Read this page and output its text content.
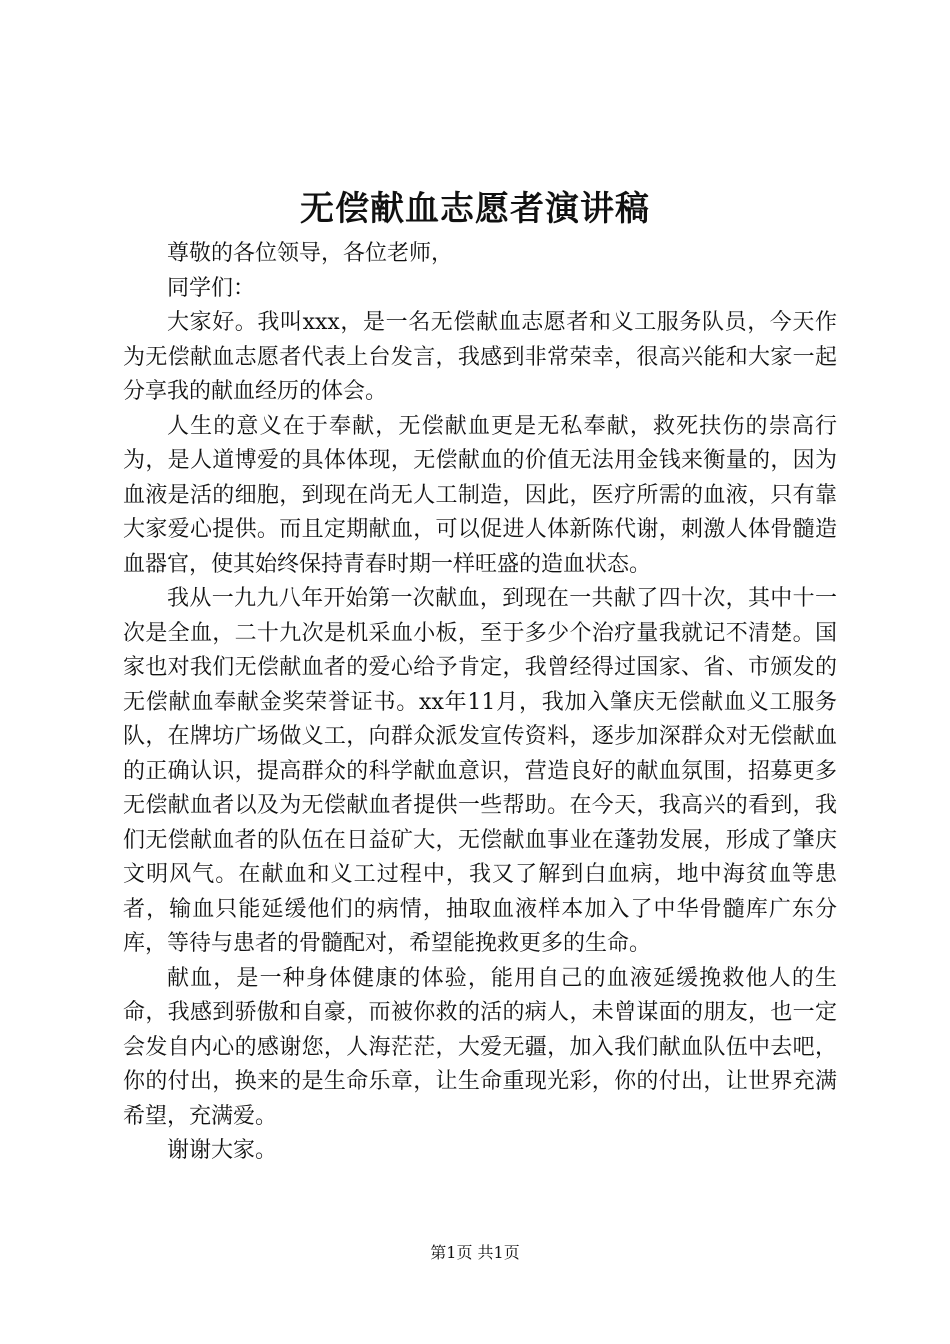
无偿献血志愿者演讲稿

尊敬的各位领导，各位老师，

同学们：

大家好。我叫xxx，是一名无偿献血志愿者和义工服务队员，今天作为无偿献血志愿者代表上台发言，我感到非常荣幸，很高兴能和大家一起分享我的献血经历的体会。

人生的意义在于奉献，无偿献血更是无私奉献，救死扶伤的崇高行为，是人道博爱的具体体现，无偿献血的价值无法用金钱来衡量的，因为血液是活的细胞，到现在尚无人工制造，因此，医疗所需的血液，只有靠大家爱心提供。而且定期献血，可以促进人体新陈代谢，刺激人体骨髓造血器官，使其始终保持青春时期一样旺盛的造血状态。

我从一九九八年开始第一次献血，到现在一共献了四十次，其中十一次是全血，二十九次是机采血小板，至于多少个治疗量我就记不清楚。国家也对我们无偿献血者的爱心给予肯定，我曾经得过国家、省、市颁发的无偿献血奉献金奖荣誉证书。xx年11月，我加入肇庆无偿献血义工服务队，在牌坊广场做义工，向群众派发宣传资料，逐步加深群众对无偿献血的正确认识，提高群众的科学献血意识，营造良好的献血氛围，招募更多无偿献血者以及为无偿献血者提供一些帮助。在今天，我高兴的看到，我们无偿献血者的队伍在日益矿大，无偿献血事业在蓬勃发展，形成了肇庆文明风气。在献血和义工过程中，我又了解到白血病，地中海贫血等患者，输血只能延缓他们的病情，抽取血液样本加入了中华骨髓库广东分库，等待与患者的骨髓配对，希望能挽救更多的生命。

献血，是一种身体健康的体验，能用自己的血液延缓挽救他人的生命，我感到骄傲和自豪，而被你救的活的病人，未曾谋面的朋友，也一定会发自内心的感谢您，人海茫茫，大爱无疆，加入我们献血队伍中去吧，你的付出，换来的是生命乐章，让生命重现光彩，你的付出，让世界充满希望，充满爱。

谢谢大家。

第1页 共1页
